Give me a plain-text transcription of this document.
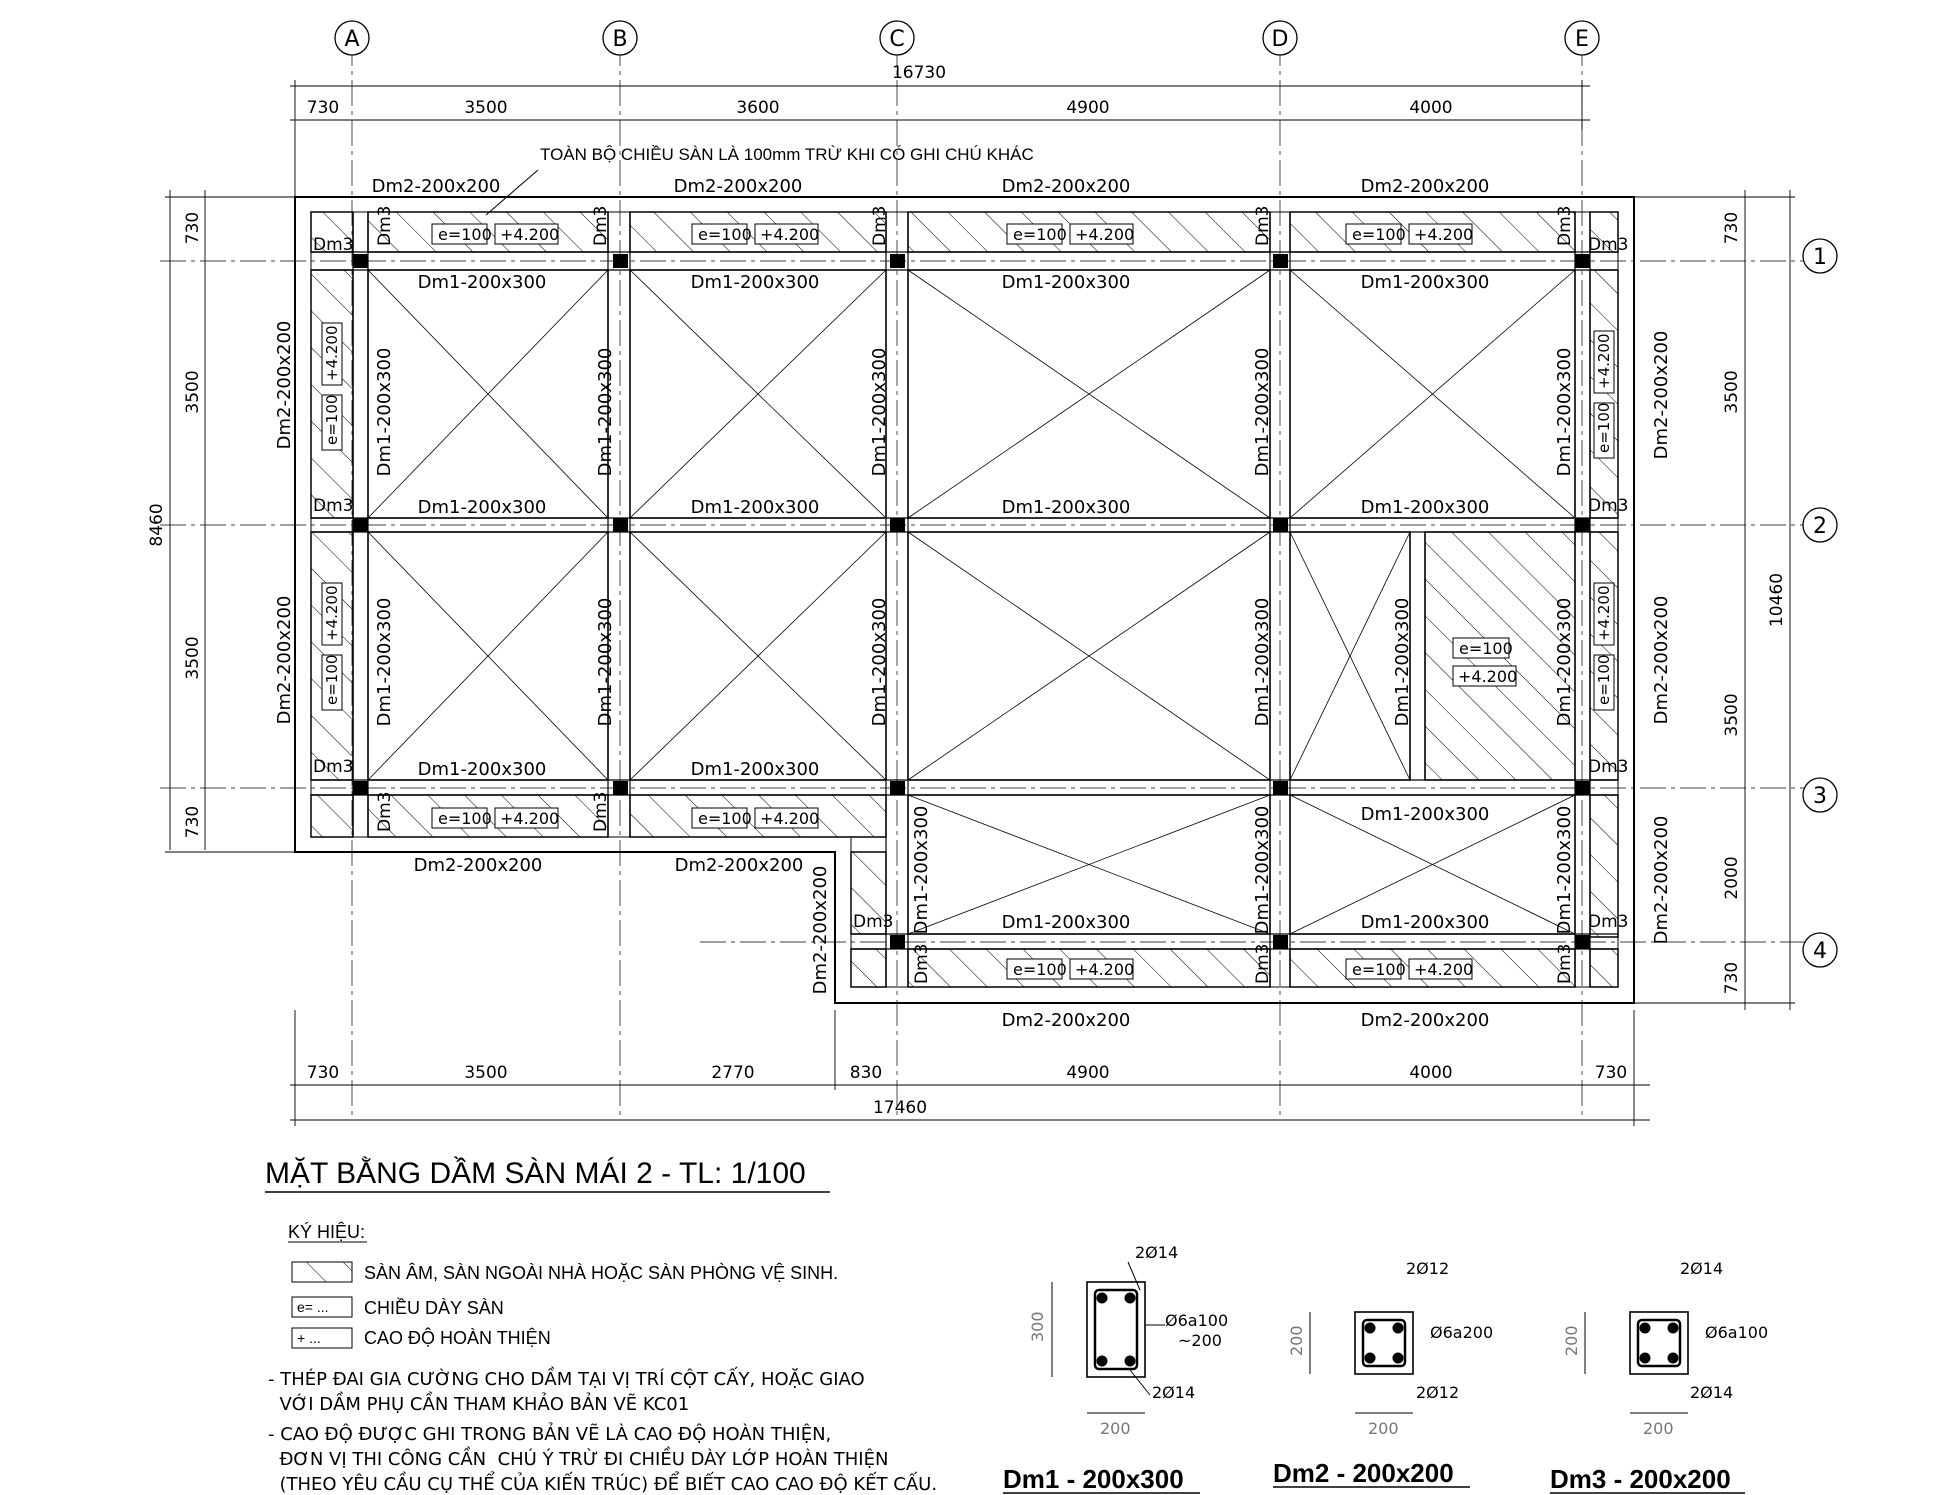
A	B	C	D	E
1
2
3
4
16730
730	3500	3600	4900	4000
730	3500	2770	830	4900	4000	730
17460
730
3500
3500
730
8460
730
3500
3500
2000
730
10460
TOÀN BỘ CHIỀU SÀN LÀ 100mm TRỪ KHI CÓ GHI CHÚ KHÁC
Dm2-200x200	Dm2-200x200	Dm2-200x200	Dm2-200x200
Dm2-200x200	Dm2-200x200
Dm2-200x200	Dm2-200x200
Dm2-200x200
Dm2-200x200
Dm2-200x200
Dm2-200x200
Dm2-200x200
Dm2-200x200
Dm1-200x300	Dm1-200x300	Dm1-200x300	Dm1-200x300
Dm1-200x300	Dm1-200x300	Dm1-200x300	Dm1-200x300
Dm1-200x300	Dm1-200x300
Dm1-200x300
Dm1-200x300	Dm1-200x300
Dm1-200x300	Dm1-200x300	Dm1-200x300	Dm1-200x300	Dm1-200x300
Dm1-200x300	Dm1-200x300	Dm1-200x300	Dm1-200x300	Dm1-200x300	Dm1-200x300
Dm1-200x300	Dm1-200x300	Dm1-200x300
Dm3	Dm3
Dm3	Dm3
Dm3	Dm3
Dm3	Dm3
Dm3	Dm3	Dm3	Dm3	Dm3
Dm3	Dm3
Dm3	Dm3	Dm3
e=100 +4.200	e=100 +4.200	e=100 +4.200	e=100 +4.200
e=100 +4.200	e=100 +4.200
e=100 +4.200	e=100 +4.200
e=100
+4.200
e=100
+4.200
e=100
+4.200
e=100
+4.200
e=100
+4.200
MẶT BẰNG DẦM SÀN MÁI 2 - TL: 1/100
KÝ HIỆU:
SÀN ÂM, SÀN NGOÀI NHÀ HOẶC SÀN PHÒNG VỆ SINH.
e= ... CHIỀU DÀY SÀN
+ ... CAO ĐỘ HOÀN THIỆN
- THÉP ĐAI GIA CƯỜNG CHO DẦM TẠI VỊ TRÍ CỘT CẤY, HOẶC GIAO
VỚI DẦM PHỤ CẦN THAM KHẢO BẢN VẼ KC01
- CAO ĐỘ ĐƯỢC GHI TRONG BẢN VẼ LÀ CAO ĐỘ HOÀN THIỆN,
ĐƠN VỊ THI CÔNG CẦN  CHÚ Ý TRỪ ĐI CHIỀU DÀY LỚP HOÀN THIỆN
(THEO YÊU CẦU CỤ THỂ CỦA KIẾN TRÚC) ĐỂ BIẾT CAO CAO ĐỘ KẾT CẤU.
2Ø14
Ø6a100
~200
2Ø14
200
300
Dm1 - 200x300
2Ø12
Ø6a200
2Ø12
200
200
Dm2 - 200x200
2Ø14
Ø6a100
2Ø14
200
200
Dm3 - 200x200
